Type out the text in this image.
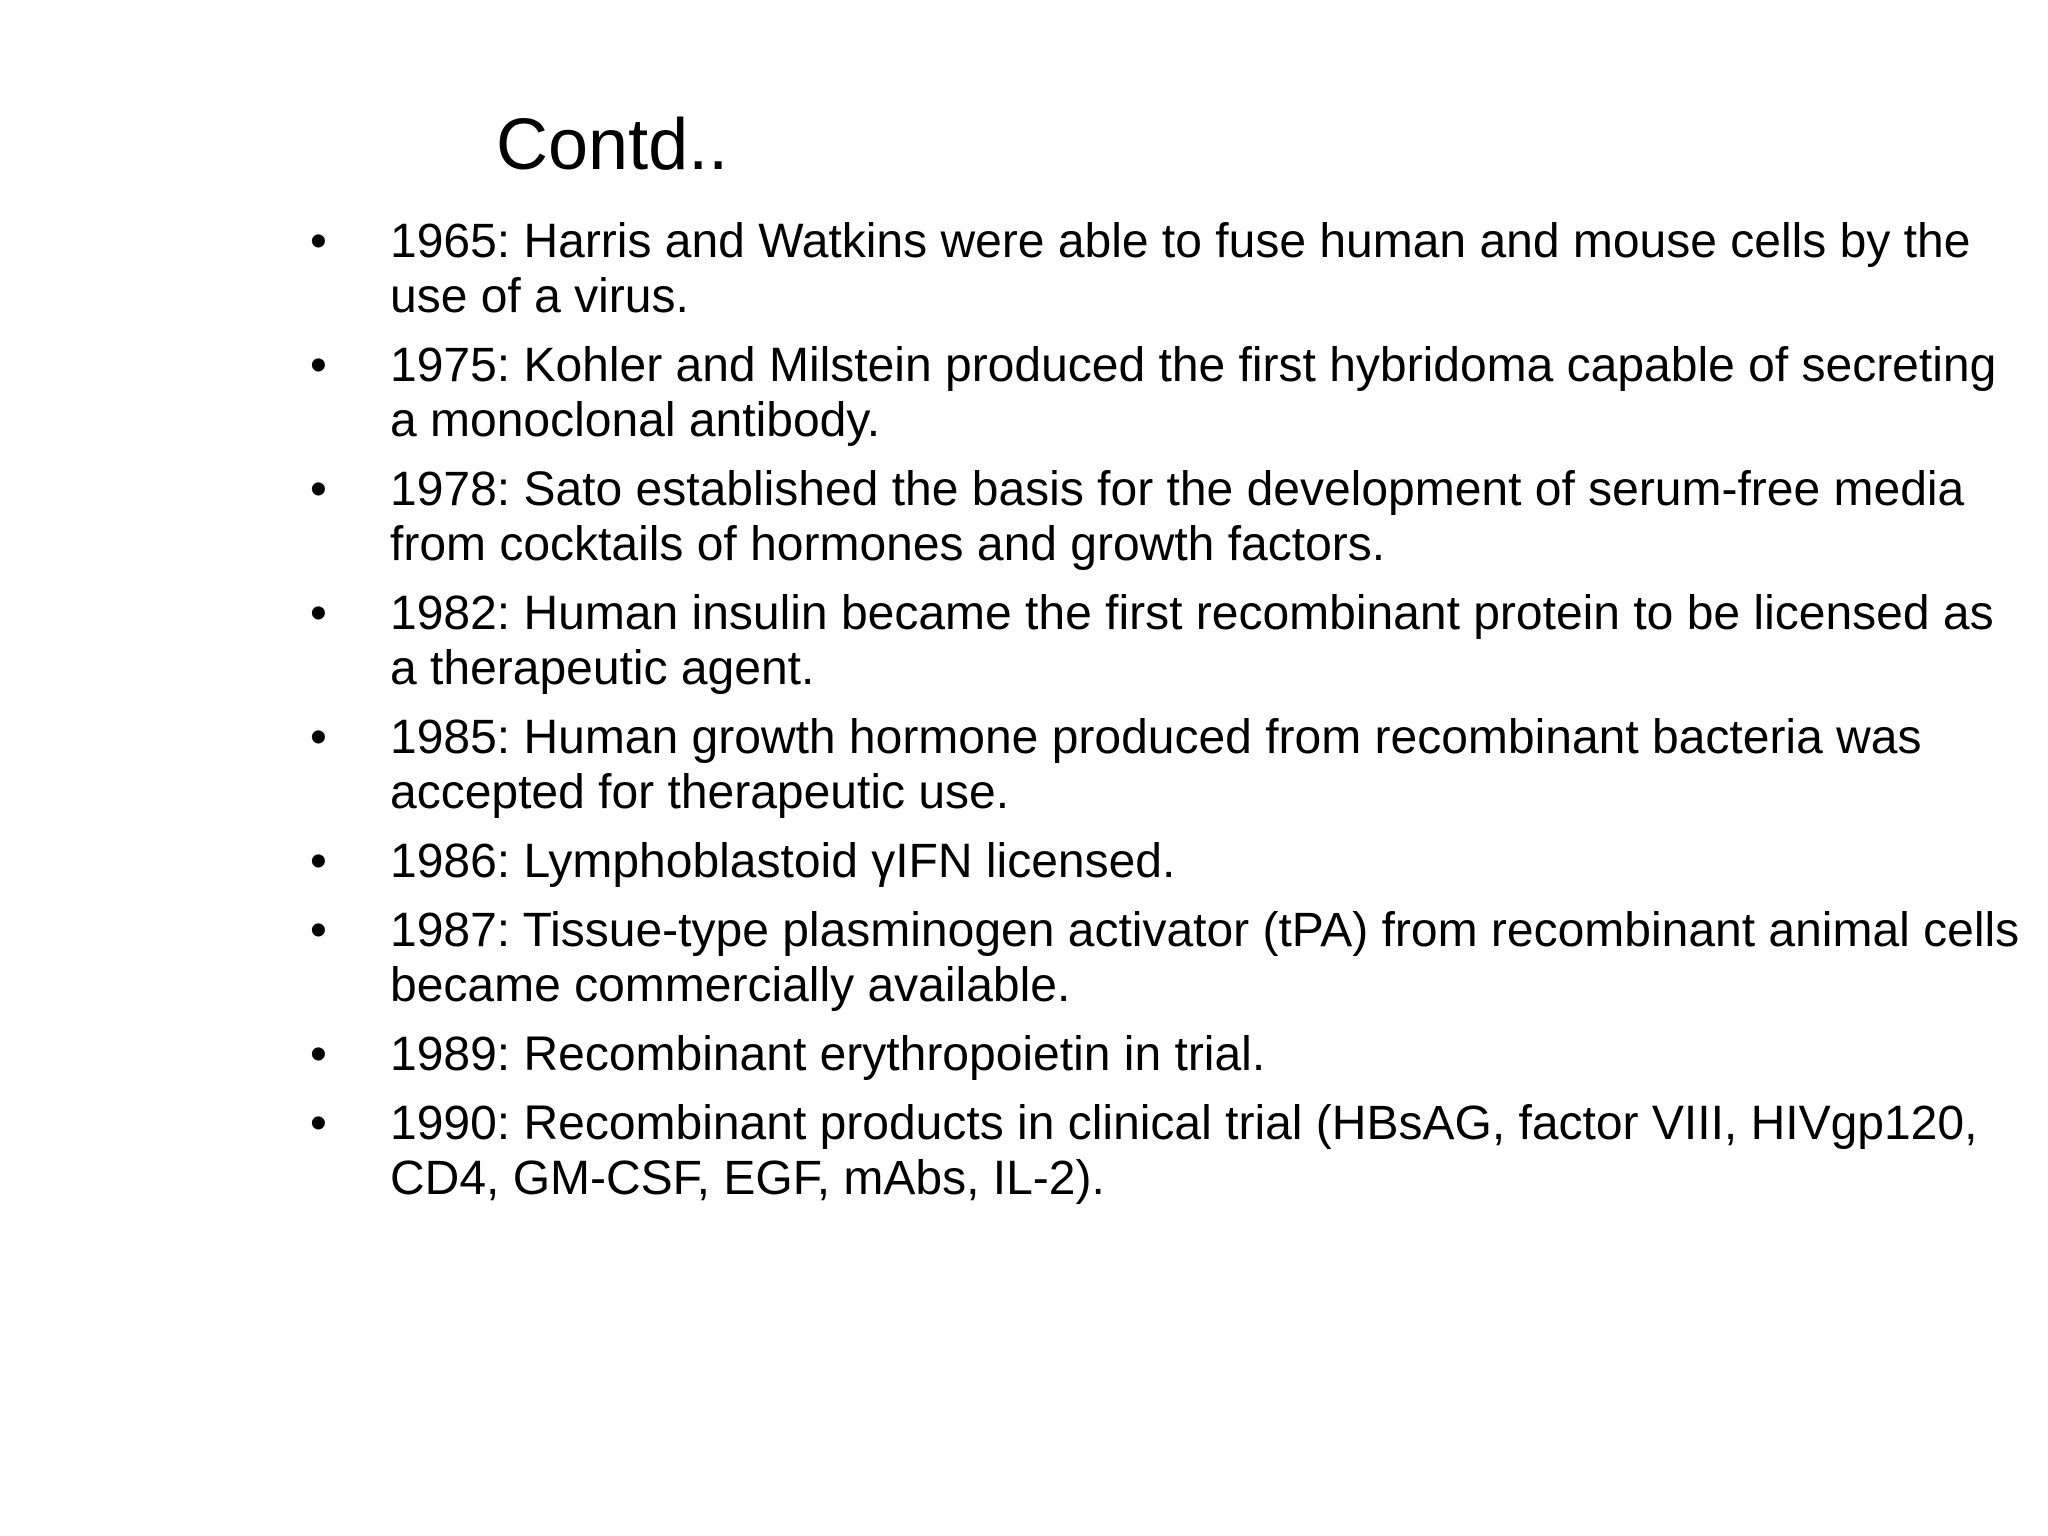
Contd..
• 1965: Harris and Watkins were able to fuse human and mouse cells by the use of a virus.
• 1975: Kohler and Milstein produced the first hybridoma capable of secreting a monoclonal antibody.
• 1978: Sato established the basis for the development of serum-free media from cocktails of hormones and growth factors.
• 1982: Human insulin became the first recombinant protein to be licensed as a therapeutic agent.
• 1985: Human growth hormone produced from recombinant bacteria was accepted for therapeutic use.
• 1986: Lymphoblastoid γIFN licensed.
• 1987: Tissue-type plasminogen activator (tPA) from recombinant animal cells became commercially available.
• 1989: Recombinant erythropoietin in trial.
• 1990: Recombinant products in clinical trial (HBsAG, factor VIII, HIVgp120, CD4, GM-CSF, EGF, mAbs, IL-2).
